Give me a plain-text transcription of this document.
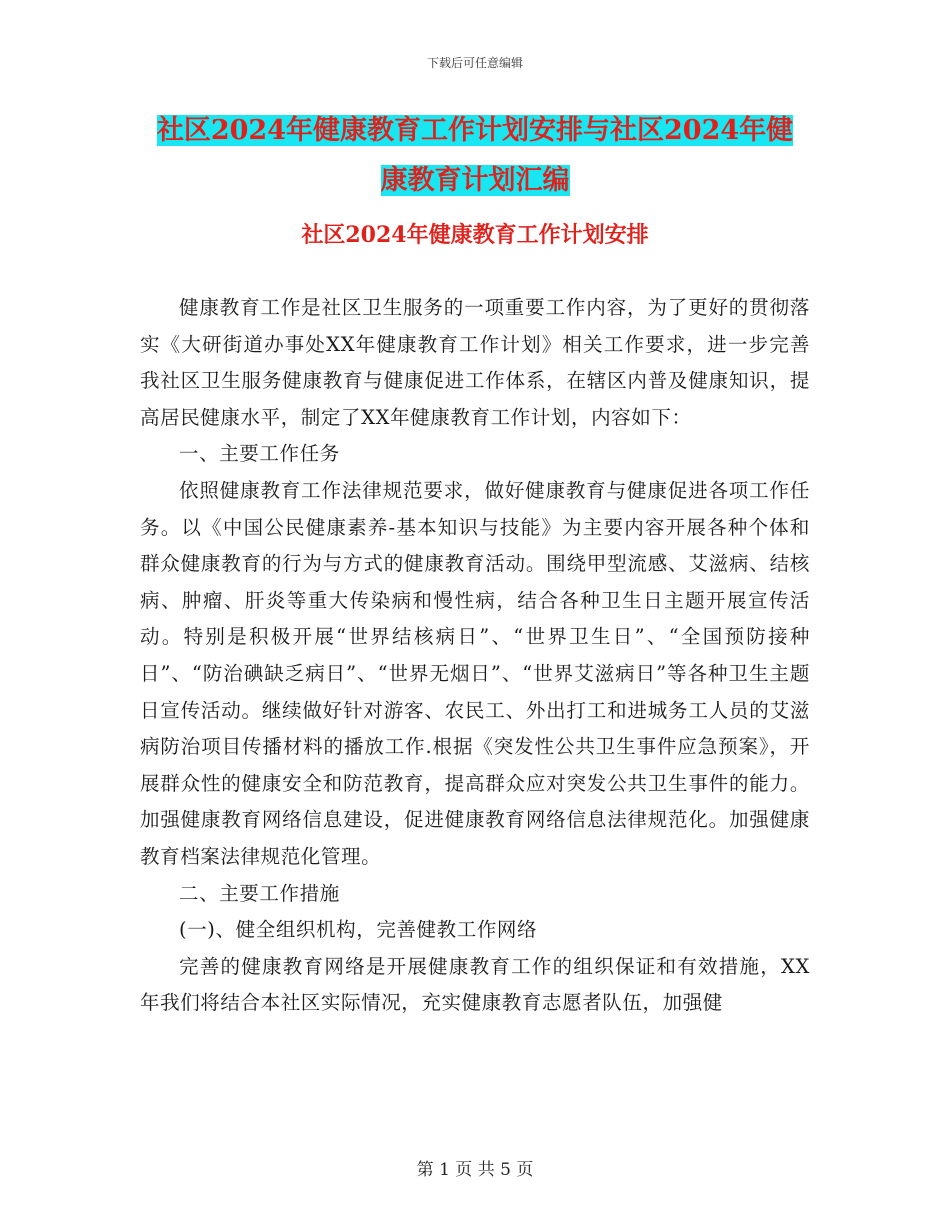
下载后可任意编辑
社区2024年健康教育工作计划安排与社区2024年健
康教育计划汇编
社区2024年健康教育工作计划安排

健康教育工作是社区卫生服务的一项重要工作内容，为了更好的贯彻落实《大研街道办事处XX年健康教育工作计划》相关工作要求，进一步完善我社区卫生服务健康教育与健康促进工作体系，在辖区内普及健康知识，提高居民健康水平，制定了XX年健康教育工作计划，内容如下：

一、主要工作任务

依照健康教育工作法律规范要求，做好健康教育与健康促进各项工作任务。以《中国公民健康素养-基本知识与技能》为主要内容开展各种个体和群众健康教育的行为与方式的健康教育活动。围绕甲型流感、艾滋病、结核病、肿瘤、肝炎等重大传染病和慢性病，结合各种卫生日主题开展宣传活动。特别是积极开展“世界结核病日”、“世界卫生日”、“全国预防接种日”、“防治碘缺乏病日”、“世界无烟日”、“世界艾滋病日”等各种卫生主题日宣传活动。继续做好针对游客、农民工、外出打工和进城务工人员的艾滋病防治项目传播材料的播放工作.根据《突发性公共卫生事件应急预案》，开展群众性的健康安全和防范教育，提高群众应对突发公共卫生事件的能力。加强健康教育网络信息建设，促进健康教育网络信息法律规范化。加强健康教育档案法律规范化管理。

二、主要工作措施

(一)、健全组织机构，完善健教工作网络

完善的健康教育网络是开展健康教育工作的组织保证和有效措施，XX年我们将结合本社区实际情况，充实健康教育志愿者队伍，加强健

第 1 页 共 5 页
